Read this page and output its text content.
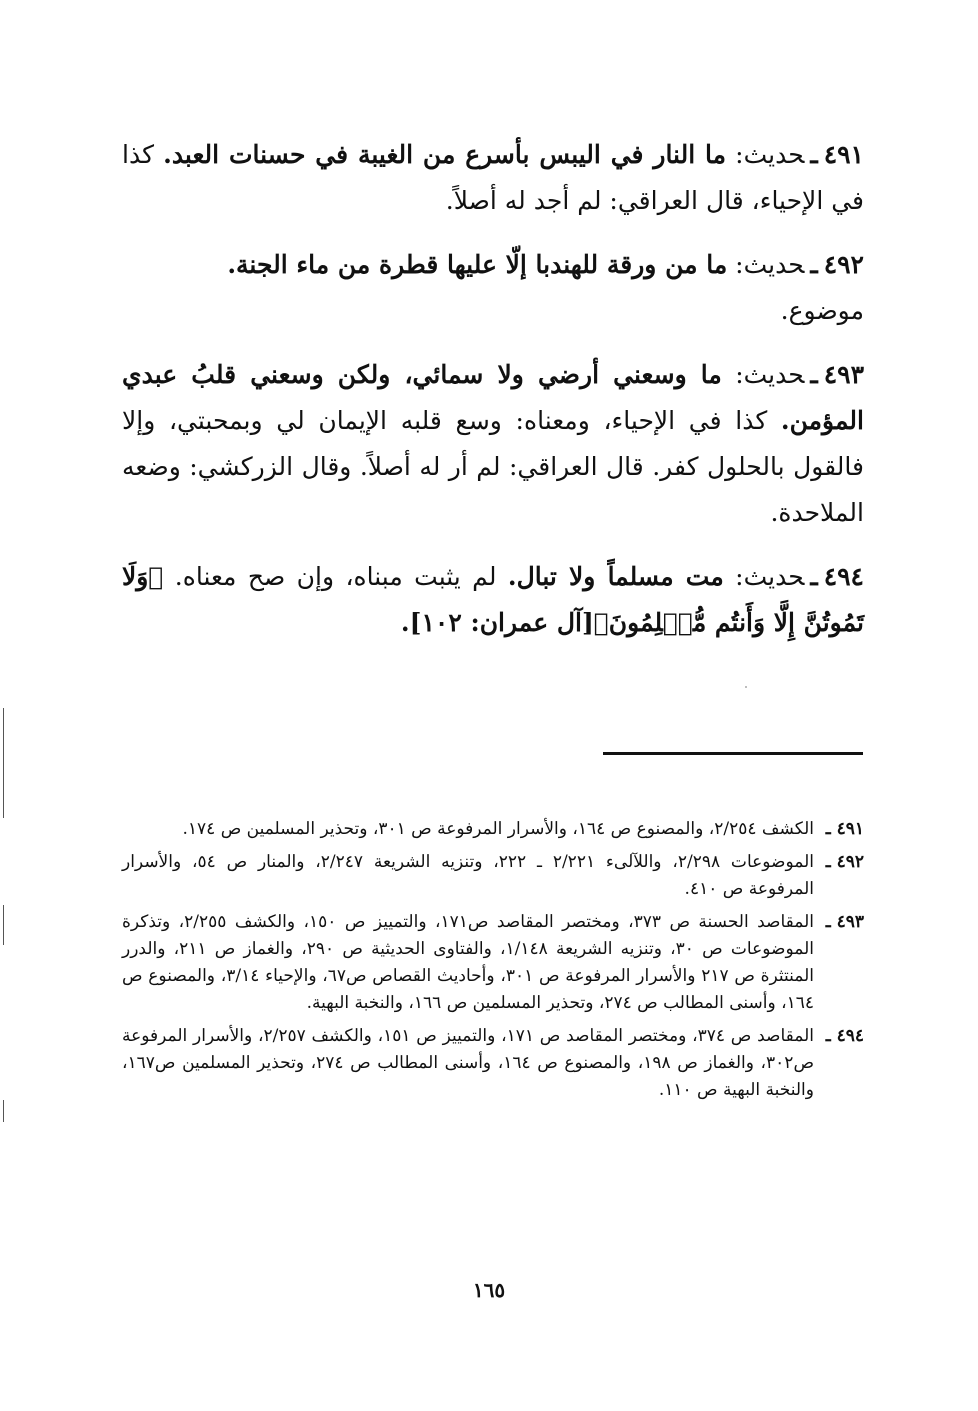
٤٩١ـحديث: ما النار في اليبس بأسرع من الغيبة في حسنات العبد. كذا في الإحياء، قال العراقي: لم أجد له أصلاً.

٤٩٢ـحديث: ما من ورقة للهندبا إلّا عليها قطرة من ماء الجنة.
موضوع.

٤٩٣ـحديث: ما وسعني أرضي ولا سمائي، ولكن وسعني قلبُ عبدي المؤمن. كذا في الإحياء، ومعناه: وسع قلبه الإيمان لي وبمحبتي، وإلا فالقول بالحلول كفر. قال العراقي: لم أر له أصلاً. وقال الزركشي: وضعه الملاحدة.

٤٩٤ـحديث: مت مسلماً ولا تبال. لم يثبت مبناه، وإن صح معناه. ﴿وَلَا تَمُوتُنَّ إِلَّا وَأَنتُم مُّسۡلِمُونَ﴾[آل عمران: ١٠٢].

٤٩١ ـ
الكشف ٢/٢٥٤، والمصنوع ص ١٦٤، والأسرار المرفوعة ص ٣٠١، وتحذير المسلمين ص ١٧٤.
٤٩٢ ـ
الموضوعات ٢/٢٩٨، واللآلىء ٢/٢٢١ ـ ٢٢٢، وتنزيه الشريعة ٢/٢٤٧، والمنار ص ٥٤، والأسرار المرفوعة ص ٤١٠.
٤٩٣ ـ
المقاصد الحسنة ص ٣٧٣، ومختصر المقاصد ص١٧١، والتمييز ص ١٥٠، والكشف ٢/٢٥٥، وتذكرة الموضوعات ص ٣٠، وتنزيه الشريعة ١/١٤٨، والفتاوى الحديثية ص ٢٩٠، والغماز ص ٢١١، والدرر المنتثرة ص ٢١٧ والأسرار المرفوعة ص ٣٠١، وأحاديث القصاص ص٦٧، والإحياء ٣/١٤، والمصنوع ص ١٦٤، وأسنى المطالب ص ٢٧٤، وتحذير المسلمين ص ١٦٦، والنخبة البهية.
٤٩٤ ـ
المقاصد ص ٣٧٤، ومختصر المقاصد ص ١٧١، والتمييز ص ١٥١، والكشف ٢/٢٥٧، والأسرار المرفوعة ص٣٠٢، والغماز ص ١٩٨، والمصنوع ص ١٦٤، وأسنى المطالب ص ٢٧٤، وتحذير المسلمين ص١٦٧، والنخبة البهية ص ١١٠.
١٦٥
